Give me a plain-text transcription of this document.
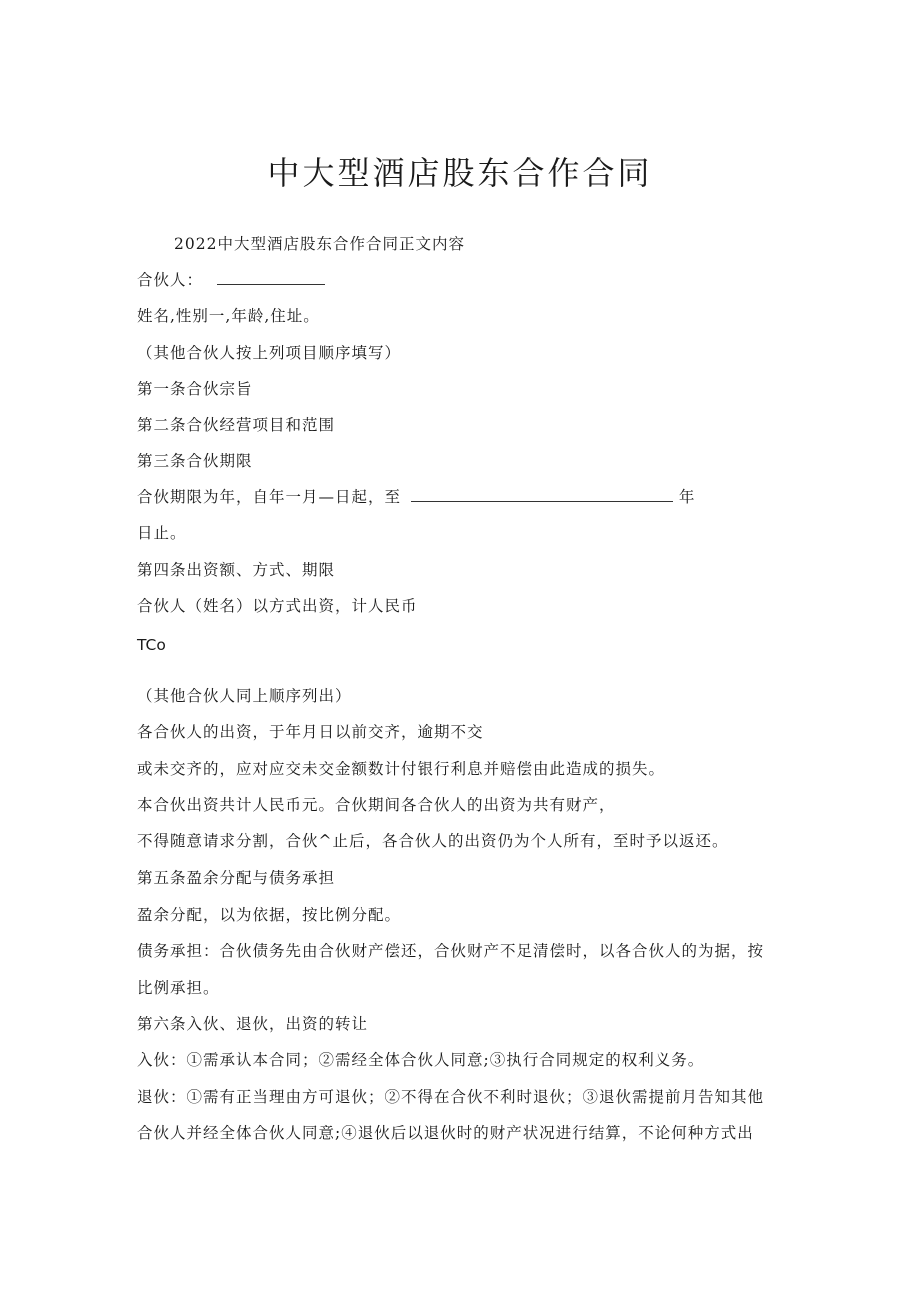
中大型酒店股东合作合同
2022中大型酒店股东合作合同正文内容
合伙人：
姓名,性别一,年龄,住址。
（其他合伙人按上列项目顺序填写）
第一条合伙宗旨
第二条合伙经营项目和范围
第三条合伙期限
合伙期限为年，自年一月—日起，至	年
日止。
第四条出资额、方式、期限
合伙人（姓名）以方式出资，计人民币
TCo
（其他合伙人同上顺序列出）
各合伙人的出资，于年月日以前交齐，逾期不交
或未交齐的，应对应交未交金额数计付银行利息并赔偿由此造成的损失。
本合伙出资共计人民币元。合伙期间各合伙人的出资为共有财产，
不得随意请求分割，合伙^止后，各合伙人的出资仍为个人所有，至时予以返还。
第五条盈余分配与债务承担
盈余分配，以为依据，按比例分配。
债务承担：合伙债务先由合伙财产偿还，合伙财产不足清偿时，以各合伙人的为据，按
比例承担。
第六条入伙、退伙，出资的转让
入伙：①需承认本合同；②需经全体合伙人同意;③执行合同规定的权利义务。
退伙：①需有正当理由方可退伙；②不得在合伙不利时退伙；③退伙需提前月告知其他
合伙人并经全体合伙人同意;④退伙后以退伙时的财产状况进行结算，不论何种方式出
